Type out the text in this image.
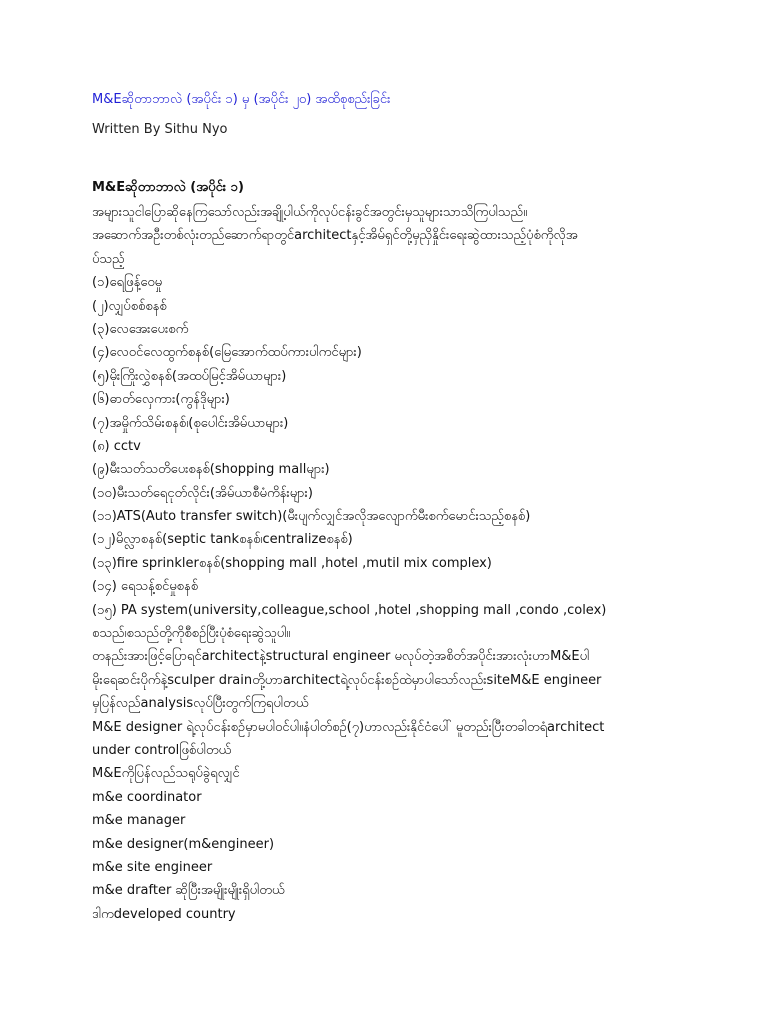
M&Eဆိုတာဘာလဲ (အပိုင်း ၁) မှ (အပိုင်း ၂၀) အထိစုစည်းခြင်း
Written By Sithu Nyo
M&Eဆိုတာဘာလဲ (အပိုင်း ၁)
အများသူငါပြောဆိုနေကြသော်လည်းအချို့ပါယ်ကိုလုပ်ငန်းခွင်အတွင်းမှသူများသာသိကြပါသည်။
အဆောက်အဦးတစ်လုံးတည်ဆောက်ရာတွင်architectနှင့်အိမ်ရှင်တို့မှညှိနှိုင်းရေးဆွဲထားသည့်ပုံစံကိုလိုအ
ပ်သည့်
(၁)ရေဖြန့်ဝေမှု
(၂)လျှပ်စစ်စနစ်
(၃)လေအေးပေးစက်
(၄)လေဝင်လေထွက်စနစ်(မြေအောက်ထပ်ကားပါကင်များ)
(၅)မိုးကြိုးလွှဲစနစ်(အထပ်မြင့်အိမ်ယာများ)
(၆)ဓာတ်လှေကား(ကွန်ဒိုများ)
(၇)အမှိုက်သိမ်းစနစ်၊(စုပေါင်းအိမ်ယာများ)
(၈) cctv
(၉)မီးသတ်သတိပေးစနစ်(shopping mallများ)
(၁၀)မီးသတ်ရေငုတ်လိုင်း(အိမ်ယာစီမံကိန်းများ)
(၁၁)ATS(Auto transfer switch)(မီးပျက်လျှင်အလိုအလျောက်မီးစက်မောင်းသည့်စနစ်)
(၁၂)မိလ္လာစနစ်(septic tankစနစ်၊centralizeစနစ်)
(၁၃)fire sprinklerစနစ်(shopping mall ,hotel ,mutil mix complex)
(၁၄) ရေသန့်စင်မှုစနစ်
(၁၅) PA system(university,colleague,school ,hotel ,shopping mall ,condo ,colex)
စသည်၊စသည်တို့ကိုစီစဉ်ပြီးပုံစံရေးဆွဲသူပါ။
တနည်းအားဖြင့်ပြောရင်architectနဲ့structural engineer မလုပ်တဲ့အစိတ်အပိုင်းအားလုံးဟာM&Eပါ
မိုးရေဆင်းပိုက်နဲ့sculper drainတို့ဟာarchitectရဲ့လုပ်ငန်းစဉ်ထဲမှာပါသော်လည်းsiteM&E engineer
မှပြန်လည်analysisလုပ်ပြီးတွက်ကြရပါတယ်
M&E designer ရဲ့လုပ်ငန်းစဉ်မှာမပါဝင်ပါ။နံပါတ်စဉ်(၇)ဟာလည်းနိုင်ငံပေါ် မူတည်းပြီးတခါတရံarchitect
under controlဖြစ်ပါတယ်
M&Eကိုပြန်လည်သရုပ်ခွဲရလျှင်
m&e coordinator
m&e manager
m&e designer(m&engineer)
m&e site engineer
m&e drafter ဆိုပြီးအမျိုးမျိုးရှိပါတယ်
ဒါကdeveloped country
